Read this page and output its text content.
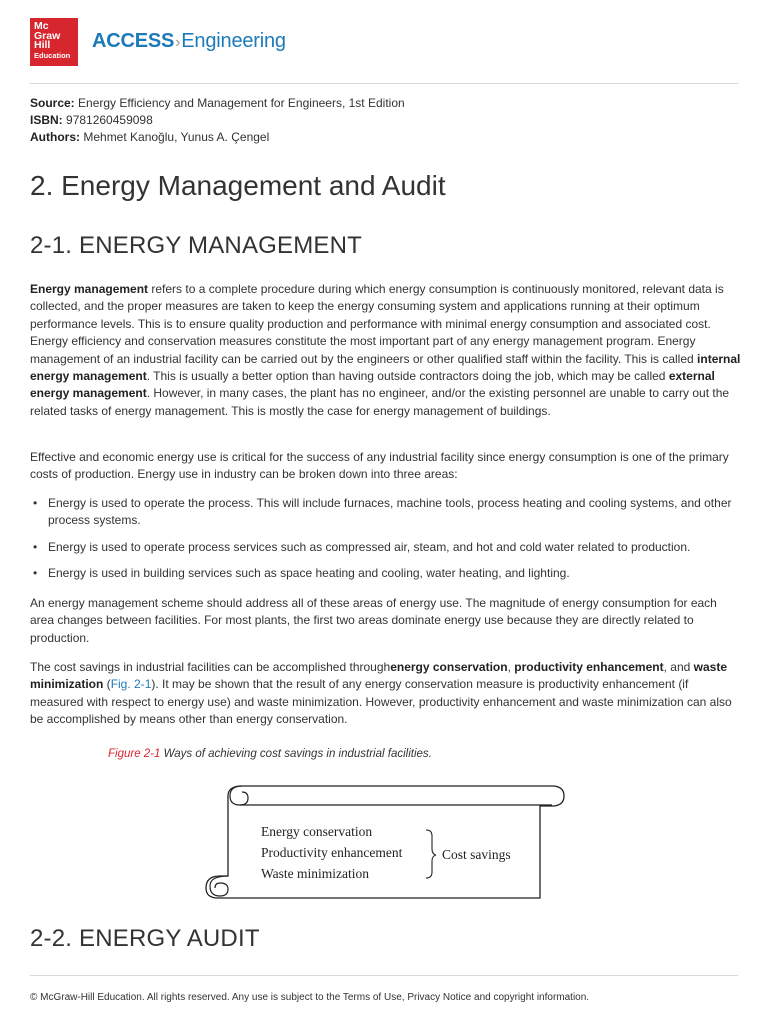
Mc
Graw
Hill
Education
ACCESS›Engineering
Source: Energy Efficiency and Management for Engineers, 1st Edition
ISBN: 9781260459098
Authors: Mehmet Kanoğlu, Yunus A. Çengel
2. Energy Management and Audit
2-1. ENERGY MANAGEMENT

Energy management refers to a complete procedure during which energy consumption is continuously monitored, relevant data is collected, and the proper measures are taken to keep the energy consuming system and applications running at their optimum performance levels. This is to ensure quality production and performance with minimal energy consumption and associated cost. Energy efficiency and conservation measures constitute the most important part of any energy management program. Energy management of an industrial facility can be carried out by the engineers or other qualified staff within the facility. This is called internal energy management. This is usually a better option than having outside contractors doing the job, which may be called external energy management. However, in many cases, the plant has no engineer, and/or the existing personnel are unable to carry out the related tasks of energy management. This is mostly the case for energy management of buildings.

Effective and economic energy use is critical for the success of any industrial facility since energy consumption is one of the primary costs of production. Energy use in industry can be broken down into three areas:

• Energy is used to operate the process. This will include furnaces, machine tools, process heating and cooling systems, and other process systems.
• Energy is used to operate process services such as compressed air, steam, and hot and cold water related to production.
• Energy is used in building services such as space heating and cooling, water heating, and lighting.

An energy management scheme should address all of these areas of energy use. The magnitude of energy consumption for each area changes between facilities. For most plants, the first two areas dominate energy use because they are directly related to production.

The cost savings in industrial facilities can be accomplished throughenergy conservation, productivity enhancement, and waste minimization (Fig. 2-1). It may be shown that the result of any energy conservation measure is productivity enhancement (if measured with respect to energy use) and waste minimization. However, productivity enhancement and waste minimization can also be accomplished by means other than energy conservation.

Figure 2-1 Ways of achieving cost savings in industrial facilities.
Energy conservation
Productivity enhancement
Waste minimization
Cost savings
2-2. ENERGY AUDIT
© McGraw-Hill Education. All rights reserved. Any use is subject to the Terms of Use, Privacy Notice and copyright information.
